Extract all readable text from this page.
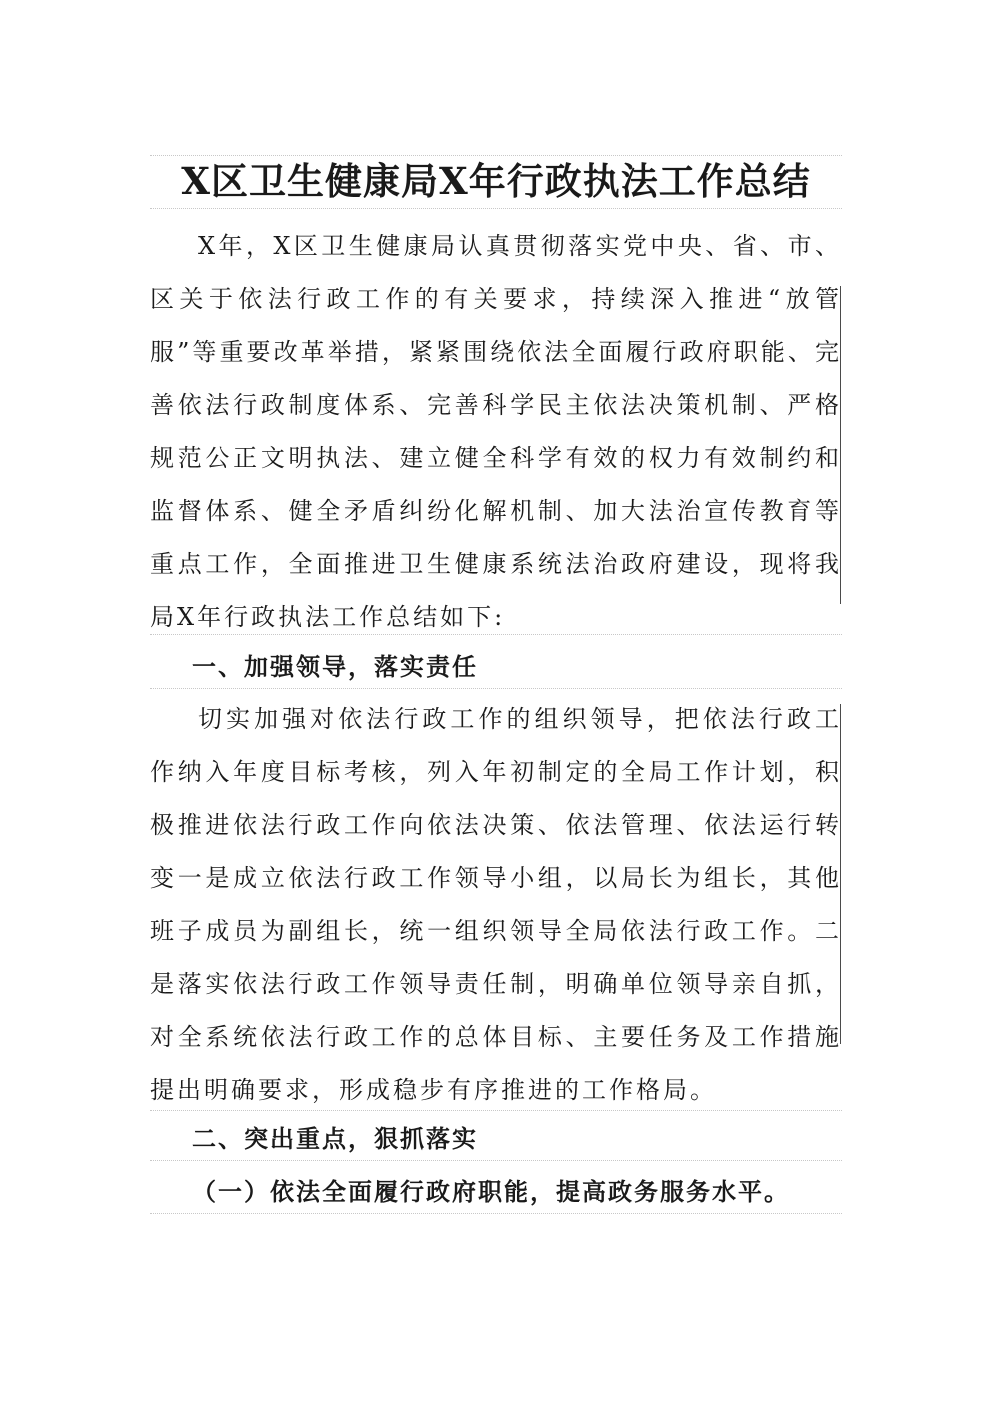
X区卫生健康局X年行政执法工作总结

X年，X区卫生健康局认真贯彻落实党中央、省、市、区关于依法行政工作的有关要求，持续深入推进“放管服”等重要改革举措，紧紧围绕依法全面履行政府职能、完善依法行政制度体系、完善科学民主依法决策机制、严格规范公正文明执法、建立健全科学有效的权力有效制约和监督体系、健全矛盾纠纷化解机制、加大法治宣传教育等重点工作，全面推进卫生健康系统法治政府建设，现将我局X年行政执法工作总结如下:

一、加强领导，落实责任

切实加强对依法行政工作的组织领导，把依法行政工作纳入年度目标考核，列入年初制定的全局工作计划，积极推进依法行政工作向依法决策、依法管理、依法运行转变一是成立依法行政工作领导小组，以局长为组长，其他班子成员为副组长，统一组织领导全局依法行政工作。二是落实依法行政工作领导责任制，明确单位领导亲自抓，对全系统依法行政工作的总体目标、主要任务及工作措施提出明确要求，形成稳步有序推进的工作格局。

二、突出重点，狠抓落实

（一）依法全面履行政府职能，提高政务服务水平。
